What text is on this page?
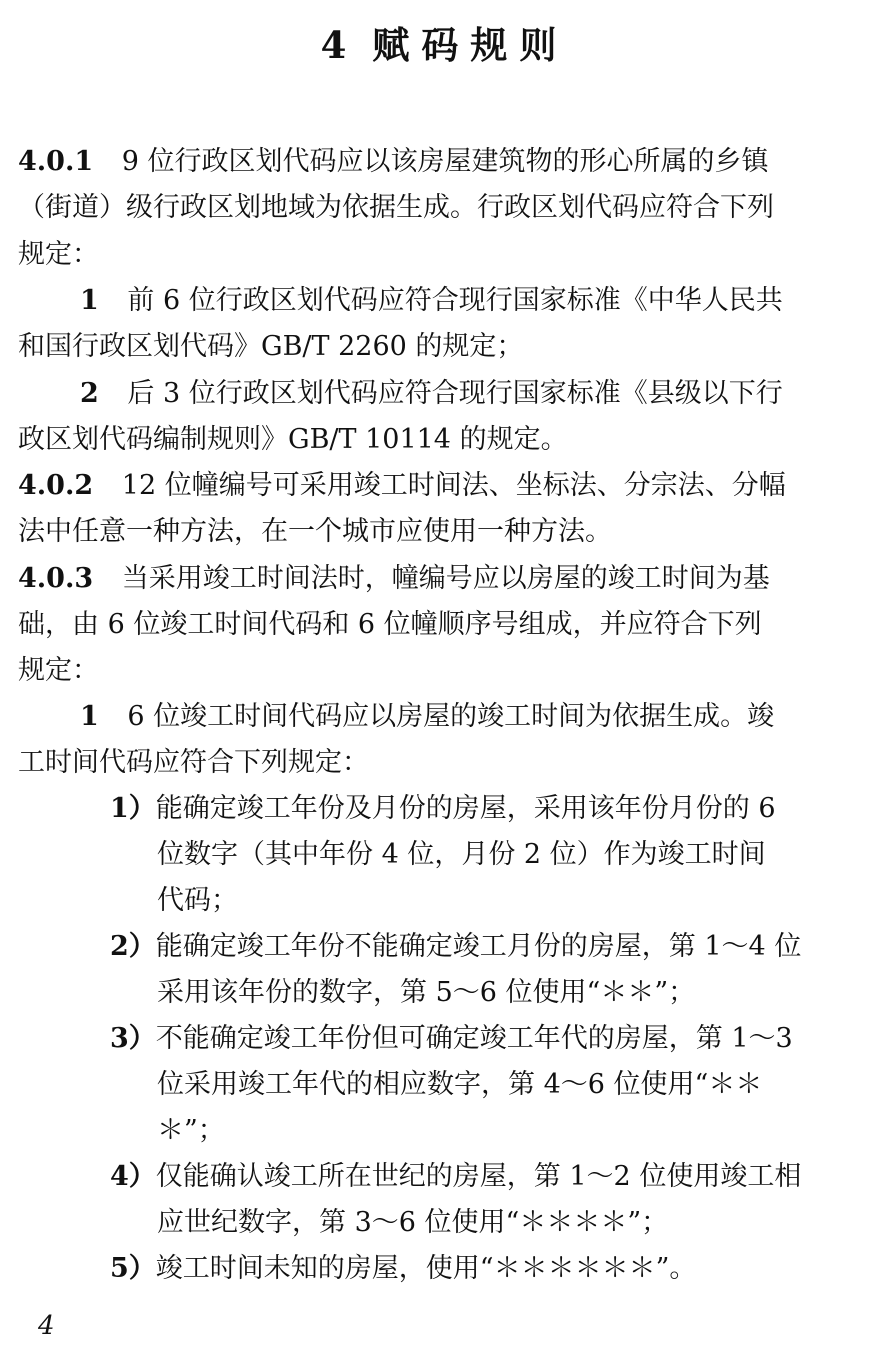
4 赋码规则
4.0.1 9 位行政区划代码应以该房屋建筑物的形心所属的乡镇
（街道）级行政区划地域为依据生成。行政区划代码应符合下列
规定：
1 前 6 位行政区划代码应符合现行国家标准《中华人民共
和国行政区划代码》GB/T 2260 的规定；
2 后 3 位行政区划代码应符合现行国家标准《县级以下行
政区划代码编制规则》GB/T 10114 的规定。
4.0.2 12 位幢编号可采用竣工时间法、坐标法、分宗法、分幅
法中任意一种方法，在一个城市应使用一种方法。
4.0.3 当采用竣工时间法时，幢编号应以房屋的竣工时间为基
础，由 6 位竣工时间代码和 6 位幢顺序号组成，并应符合下列
规定：
1 6 位竣工时间代码应以房屋的竣工时间为依据生成。竣
工时间代码应符合下列规定：
1）能确定竣工年份及月份的房屋，采用该年份月份的 6
位数字（其中年份 4 位，月份 2 位）作为竣工时间
代码；
2）能确定竣工年份不能确定竣工月份的房屋，第 1～4 位
采用该年份的数字，第 5～6 位使用“＊＊”；
3）不能确定竣工年份但可确定竣工年代的房屋，第 1～3
位采用竣工年代的相应数字，第 4～6 位使用“＊＊
＊”；
4）仅能确认竣工所在世纪的房屋，第 1～2 位使用竣工相
应世纪数字，第 3～6 位使用“＊＊＊＊”；
5）竣工时间未知的房屋，使用“＊＊＊＊＊＊”。
4
